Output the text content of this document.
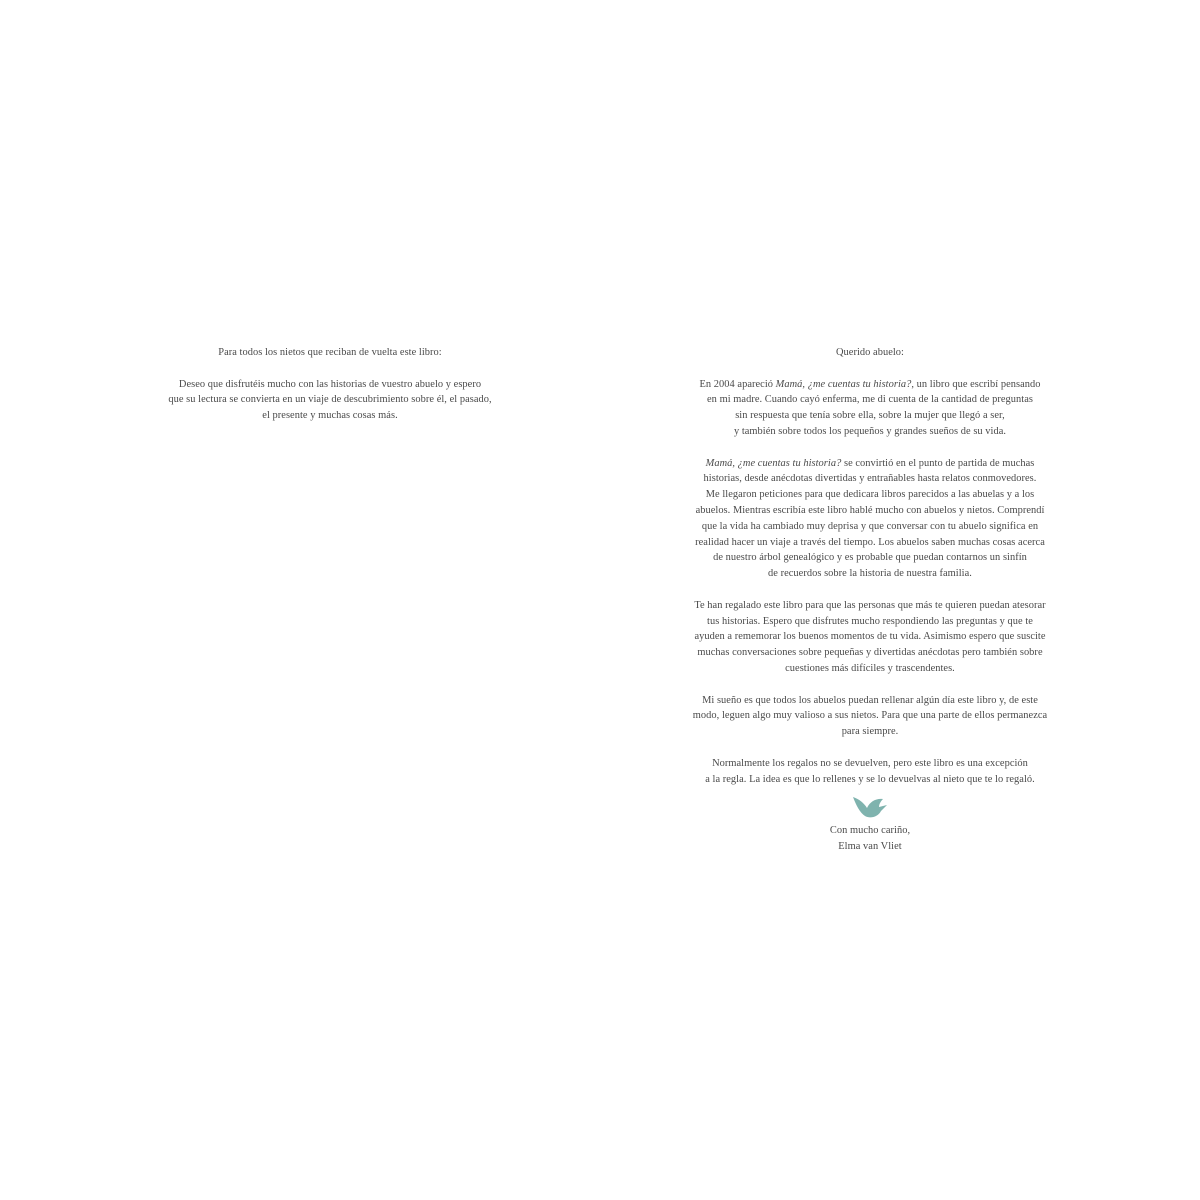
Para todos los nietos que reciban de vuelta este libro:
Deseo que disfrutéis mucho con las historias de vuestro abuelo y espero
que su lectura se convierta en un viaje de descubrimiento sobre él, el pasado,
el presente y muchas cosas más.
Querido abuelo:
En 2004 apareció Mamá, ¿me cuentas tu historia?, un libro que escribí pensando
en mi madre. Cuando cayó enferma, me di cuenta de la cantidad de preguntas
sin respuesta que tenía sobre ella, sobre la mujer que llegó a ser,
y también sobre todos los pequeños y grandes sueños de su vida.
Mamá, ¿me cuentas tu historia? se convirtió en el punto de partida de muchas
historias, desde anécdotas divertidas y entrañables hasta relatos conmovedores.
Me llegaron peticiones para que dedicara libros parecidos a las abuelas y a los
abuelos. Mientras escribía este libro hablé mucho con abuelos y nietos. Comprendí
que la vida ha cambiado muy deprisa y que conversar con tu abuelo significa en
realidad hacer un viaje a través del tiempo. Los abuelos saben muchas cosas acerca
de nuestro árbol genealógico y es probable que puedan contarnos un sinfín
de recuerdos sobre la historia de nuestra familia.
Te han regalado este libro para que las personas que más te quieren puedan atesorar
tus historias. Espero que disfrutes mucho respondiendo las preguntas y que te
ayuden a rememorar los buenos momentos de tu vida. Asimismo espero que suscite
muchas conversaciones sobre pequeñas y divertidas anécdotas pero también sobre
cuestiones más difíciles y trascendentes.
Mi sueño es que todos los abuelos puedan rellenar algún día este libro y, de este
modo, leguen algo muy valioso a sus nietos. Para que una parte de ellos permanezca
para siempre.
Normalmente los regalos no se devuelven, pero este libro es una excepción
a la regla. La idea es que lo rellenes y se lo devuelvas al nieto que te lo regaló.
Con mucho cariño,
Elma van Vliet
